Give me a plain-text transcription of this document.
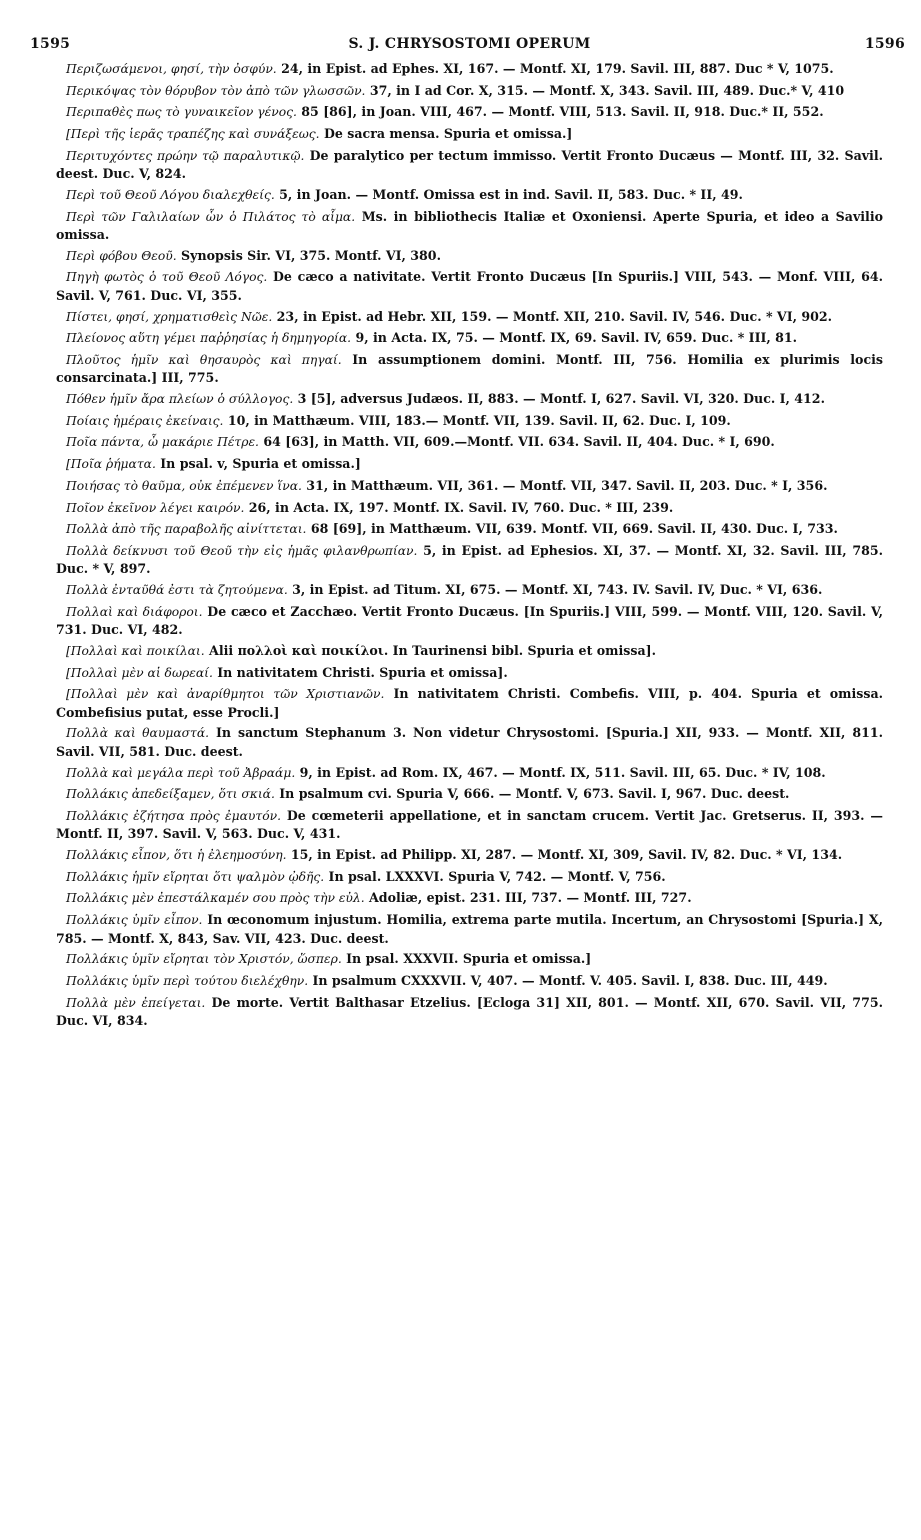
1595	S. J. CHRYSOSTOMI OPERUM	1596

Περιζωσάμενοι, φησί, τὴν ὀσφύν. 24, in Epist. ad Ephes. XI, 167. — Montf. XI, 179. Savil. III, 887. Duc * V, 1075.

Περικόψας τὸν θόρυβον τὸν ἀπὸ τῶν γλωσσῶν. 37, in I ad Cor. X, 315. — Montf. X, 343. Savil. III, 489. Duc.* V, 410

Περιπαθὲς πως τὸ γυναικεῖον γένος. 85 [86], in Joan. VIII, 467. — Montf. VIII, 513. Savil. II, 918. Duc.* II, 552.

[Περὶ τῆς ἱερᾶς τραπέζης καὶ συνάξεως. De sacra mensa. Spuria et omissa.]

Περιτυχόντες πρώην τῷ παραλυτικῷ. De paralytico per tectum immisso. Vertit Fronto Ducæus — Montf. III, 32. Savil. deest. Duc. V, 824.

Περὶ τοῦ Θεοῦ Λόγου διαλεχθείς. 5, in Joan. — Montf. Omissa est in ind. Savil. II, 583. Duc. * II, 49.

Περὶ τῶν Γαλιλαίων ὧν ὁ Πιλάτος τὸ αἷμα. Ms. in bibliothecis Italiæ et Oxoniensi. Aperte Spuria, et ideo a Savilio omissa.

Περὶ φόβου Θεοῦ. Synopsis Sir. VI, 375. Montf. VI, 380.

Πηγὴ φωτὸς ὁ τοῦ Θεοῦ Λόγος. De cæco a nativitate. Vertit Fronto Ducæus [In Spuriis.] VIII, 543. — Monf. VIII, 64. Savil. V, 761. Duc. VI, 355.

Πίστει, φησί, χρηματισθεὶς Νῶε. 23, in Epist. ad Hebr. XII, 159. — Montf. XII, 210. Savil. IV, 546. Duc. * VI, 902.

Πλείονος αὕτη γέμει παῤῥησίας ἡ δημηγορία. 9, in Acta. IX, 75. — Montf. IX, 69. Savil. IV, 659. Duc. * III, 81.

Πλοῦτος ἡμῖν καὶ θησαυρὸς καὶ πηγαί. In assumptionem domini. Montf. III, 756. Homilia ex plurimis locis consarcinata.] III, 775.

Πόθεν ἡμῖν ἄρα πλείων ὁ σύλλογος. 3 [5], adversus Judæos. II, 883. — Montf. I, 627. Savil. VI, 320. Duc. I, 412.

Ποίαις ἡμέραις ἐκείναις. 10, in Matthæum. VIII, 183.— Montf. VII, 139. Savil. II, 62. Duc. I, 109.

Ποῖα πάντα, ὦ μακάριε Πέτρε. 64 [63], in Matth. VII, 609.—Montf. VII. 634. Savil. II, 404. Duc. * I, 690.

[Ποῖα ῥήματα. In psal. v, Spuria et omissa.]

Ποιήσας τὸ θαῦμα, οὐκ ἐπέμενεν ἵνα. 31, in Matthæum. VII, 361. — Montf. VII, 347. Savil. II, 203. Duc. * I, 356.

Ποῖον ἐκεῖνον λέγει καιρόν. 26, in Acta. IX, 197. Montf. IX. Savil. IV, 760. Duc. * III, 239.

Πολλὰ ἀπὸ τῆς παραβολῆς αἰνίττεται. 68 [69], in Matthæum. VII, 639. Montf. VII, 669. Savil. II, 430. Duc. I, 733.

Πολλὰ δείκνυσι τοῦ Θεοῦ τὴν εἰς ἡμᾶς φιλανθρωπίαν. 5, in Epist. ad Ephesios. XI, 37. — Montf. XI, 32. Savil. III, 785. Duc. * V, 897.

Πολλὰ ἐνταῦθά ἐστι τὰ ζητούμενα. 3, in Epist. ad Titum. XI, 675. — Montf. XI, 743. IV. Savil. IV, Duc. * VI, 636.

Πολλαὶ καὶ διάφοροι. De cæco et Zacchæo. Vertit Fronto Ducæus. [In Spuriis.] VIII, 599. — Montf. VIII, 120. Savil. V, 731. Duc. VI, 482.

[Πολλαὶ καὶ ποικίλαι. Alii πολλοὶ καὶ ποικίλοι. In Taurinensi bibl. Spuria et omissa].

[Πολλαὶ μὲν αἱ δωρεαί. In nativitatem Christi. Spuria et omissa].

[Πολλαὶ μὲν καὶ ἀναρίθμητοι τῶν Χριστιανῶν. In nativitatem Christi. Combefis. VIII, p. 404. Spuria et omissa. Combefisius putat, esse Procli.]

Πολλὰ καὶ θαυμαστά. In sanctum Stephanum 3. Non videtur Chrysostomi. [Spuria.] XII, 933. — Montf. XII, 811. Savil. VII, 581. Duc. deest.

Πολλὰ καὶ μεγάλα περὶ τοῦ Ἀβραάμ. 9, in Epist. ad Rom. IX, 467. — Montf. IX, 511. Savil. III, 65. Duc. * IV, 108.

Πολλάκις ἀπεδείξαμεν, ὅτι σκιά. In psalmum cvi. Spuria V, 666. — Montf. V, 673. Savil. I, 967. Duc. deest.

Πολλάκις ἐζήτησα πρὸς ἐμαυτόν. De cœmeterii appellatione, et in sanctam crucem. Vertit Jac. Gretserus. II, 393. — Montf. II, 397. Savil. V, 563. Duc. V, 431.

Πολλάκις εἶπον, ὅτι ἡ ἐλεημοσύνη. 15, in Epist. ad Philipp. XI, 287. — Montf. XI, 309, Savil. IV, 82. Duc. * VI, 134.

Πολλάκις ἡμῖν εἴρηται ὅτι ψαλμὸν ᾠδῆς. In psal. LXXXVI. Spuria V, 742. — Montf. V, 756.

Πολλάκις μὲν ἐπεστάλκαμέν σου πρὸς τὴν εὐλ. Adoliæ, epist. 231. III, 737. — Montf. III, 727.

Πολλάκις ὑμῖν εἶπον. In œconomum injustum. Homilia, extrema parte mutila. Incertum, an Chrysostomi [Spuria.] X, 785. — Montf. X, 843, Sav. VII, 423. Duc. deest.

Πολλάκις ὑμῖν εἴρηται τὸν Χριστόν, ὥσπερ. In psal. XXXVII. Spuria et omissa.]

Πολλάκις ὑμῖν περὶ τούτου διελέχθην. In psalmum CXXXVII. V, 407. — Montf. V. 405. Savil. I, 838. Duc. III, 449.

Πολλὰ μὲν ἐπείγεται. De morte. Vertit Balthasar Etzelius. [Ecloga 31] XII, 801. — Montf. XII, 670. Savil. VII, 775. Duc. VI, 834.
